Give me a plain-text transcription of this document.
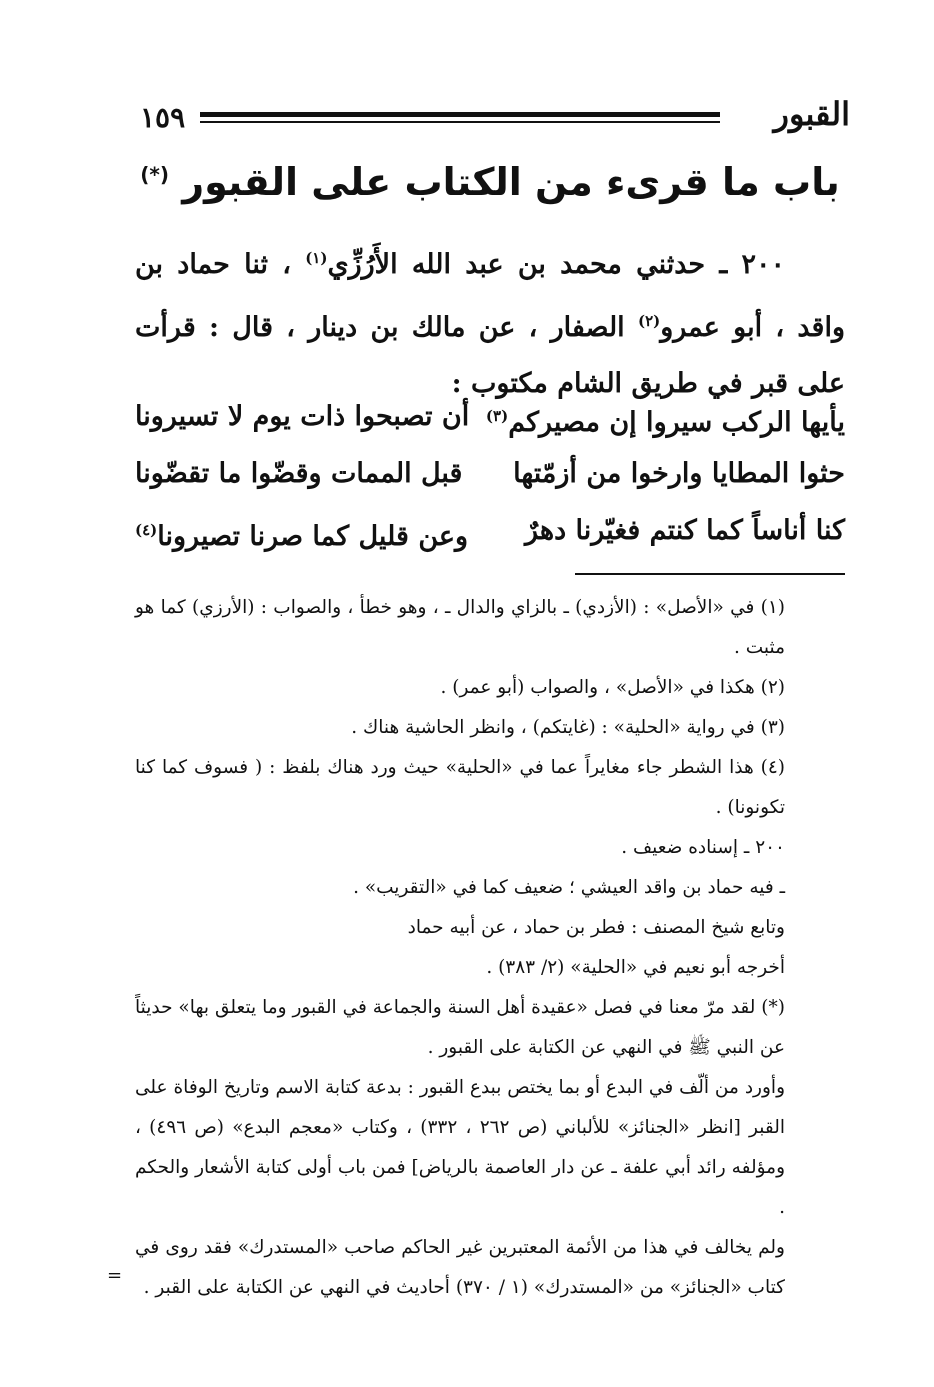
١٥٩	القبور
باب ما قرىء من الكتاب على القبور (*)

٢٠٠ ـ حدثني محمد بن عبد الله الأَرُزِّي$^{(١)}$ ، ثنا حماد بن واقد ، أبو عمرو$^{(٢)}$ الصفار ، عن مالك بن دينار ، قال : قرأت على قبر في طريق الشام مكتوب :

يأيها الركب سيروا إن مصيركم$^{(٣)}$
أن تصبحوا ذات يوم لا تسيرونا
حثوا المطايا وارخوا من أزمّتها
قبل الممات وقضّوا ما تقضّونا
كنا أناساً كما كنتم فغيّرنا دهرٌ
وعن قليل كما صرنا تصيرونا$^{(٤)}$

(١) في «الأصل» : (الأزدي) ـ بالزاي والدال ـ ، وهو خطأ ، والصواب : (الأرزي) كما هو مثبت .

(٢) هكذا في «الأصل» ، والصواب (أبو عمر) .

(٣) في رواية «الحلية» : (غايتكم) ، وانظر الحاشية هناك .

(٤) هذا الشطر جاء مغايراً عما في «الحلية» حيث ورد هناك بلفظ : ( فسوف كما كنا تكونونا) .

٢٠٠ ـ إسناده ضعيف .

ـ فيه حماد بن واقد العيشي ؛ ضعيف كما في «التقريب» .

وتابع شيخ المصنف : فطر بن حماد ، عن أبيه حماد

أخرجه أبو نعيم في «الحلية» (٢/ ٣٨٣) .

(*) لقد مرّ معنا في فصل «عقيدة أهل السنة والجماعة في القبور وما يتعلق بها» حديثاً عن النبي ﷺ في النهي عن الكتابة على القبور .

وأورد من ألّف في البدع أو بما يختص ببدع القبور : بدعة كتابة الاسم وتاريخ الوفاة على القبر [انظر «الجنائز» للألباني (ص ٢٦٢ ، ٣٣٢) ، وكتاب «معجم البدع» (ص ٤٩٦) ، ومؤلفه رائد أبي علفة ـ عن دار العاصمة بالرياض] فمن باب أولى كتابة الأشعار والحكم .

ولم يخالف في هذا من الأئمة المعتبرين غير الحاكم صاحب «المستدرك» فقد روى في كتاب «الجنائز» من «المستدرك» (١ / ٣٧٠) أحاديث في النهي عن الكتابة على القبر .

=
